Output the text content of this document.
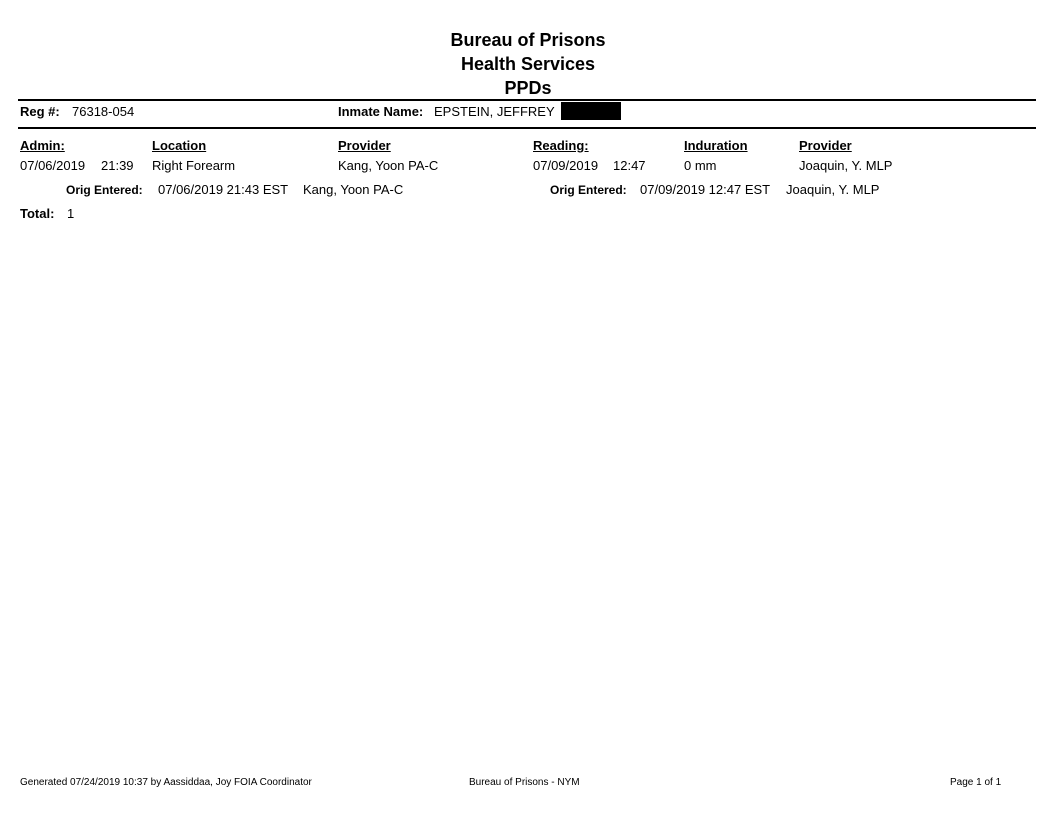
Bureau of Prisons
Health Services
PPDs
Reg #: 76318-054	Inmate Name: EPSTEIN, JEFFREY
Admin:	Location	Provider	Reading:	Induration	Provider
07/06/2019 21:39 Right Forearm	Kang, Yoon PA-C	07/09/2019 12:47	0 mm	Joaquin, Y. MLP
Orig Entered: 07/06/2019 21:43 EST Kang, Yoon PA-C	Orig Entered: 07/09/2019 12:47 EST Joaquin, Y. MLP
Total: 1
Generated 07/24/2019 10:37 by Aassiddaa, Joy FOIA Coordinator	Bureau of Prisons - NYM	Page 1 of 1
